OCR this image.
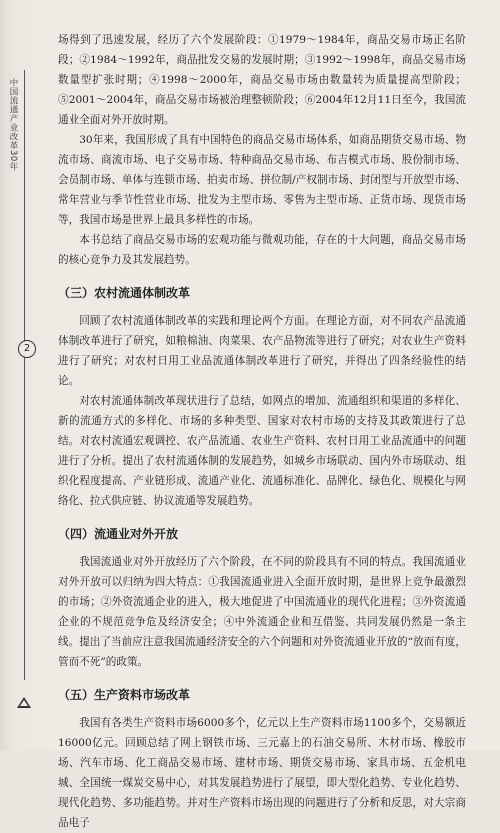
中国流通产业改革30年
2

场得到了迅速发展，经历了六个发展阶段：①1979～1984年，商品交易市场正名阶段；②1984～1992年，商品批发交易的发展时期；③1992～1998年，商品交易市场数量型扩张时期；④1998～2000年，商品交易市场由数量转为质量提高型阶段；⑤2001～2004年，商品交易市场被治理整顿阶段；⑥2004年12月11日至今，我国流通业全面对外开放时期。

30年来，我国形成了具有中国特色的商品交易市场体系，如商品期货交易市场、物流市场、商流市场、电子交易市场、特种商品交易市场、布吉模式市场、股份制市场、会员制市场、单体与连锁市场、拍卖市场、拼位制/产权制市场、封闭型与开放型市场、常年营业与季节性营业市场、批发为主型市场、零售为主型市场、正货市场、现货市场等，我国市场是世界上最具多样性的市场。

本书总结了商品交易市场的宏观功能与微观功能，存在的十大问题，商品交易市场的核心竞争力及其发展趋势。

（三）农村流通体制改革

回顾了农村流通体制改革的实践和理论两个方面。在理论方面，对不同农产品流通体制改革进行了研究，如粮棉油、肉菜果、农产品物流等进行了研究；对农业生产资料进行了研究；对农村日用工业品流通体制改革进行了研究，并得出了四条经验性的结论。

对农村流通体制改革现状进行了总结，如网点的增加、流通组织和渠道的多样化、新的流通方式的多样化、市场的多种类型、国家对农村市场的支持及其政策进行了总结。对农村流通宏观调控、农产品流通、农业生产资料、农村日用工业品流通中的问题进行了分析。提出了农村流通体制的发展趋势，如城乡市场联动、国内外市场联动、组织化程度提高、产业链形成、流通产业化、流通标准化、品牌化、绿色化、规模化与网络化、拉式供应链、协议流通等发展趋势。

（四）流通业对外开放

我国流通业对外开放经历了六个阶段，在不同的阶段具有不同的特点。我国流通业对外开放可以归纳为四大特点：①我国流通业进入全面开放时期，是世界上竞争最激烈的市场；②外资流通企业的进入，极大地促进了中国流通业的现代化进程；③外资流通企业的不规范竞争危及经济安全；④中外流通企业和互借鉴、共同发展仍然是一条主线。提出了当前应注意我国流通经济安全的六个问题和对外资流通业开放的“放而有度，管而不死”的政策。

（五）生产资料市场改革

我国有各类生产资料市场6000多个，亿元以上生产资料市场1100多个，交易额近16000亿元。回顾总结了网上钢铁市场、三元嘉上的石油交易所、木材市场、橡胶市场、汽车市场、化工商品交易市场、建材市场、期货交易市场、家具市场、五金机电城、全国统一煤炭交易中心，对其发展趋势进行了展望，即大型化趋势、专业化趋势、现代化趋势、多功能趋势。并对生产资料市场出现的问题进行了分析和反思，对大宗商品电子
